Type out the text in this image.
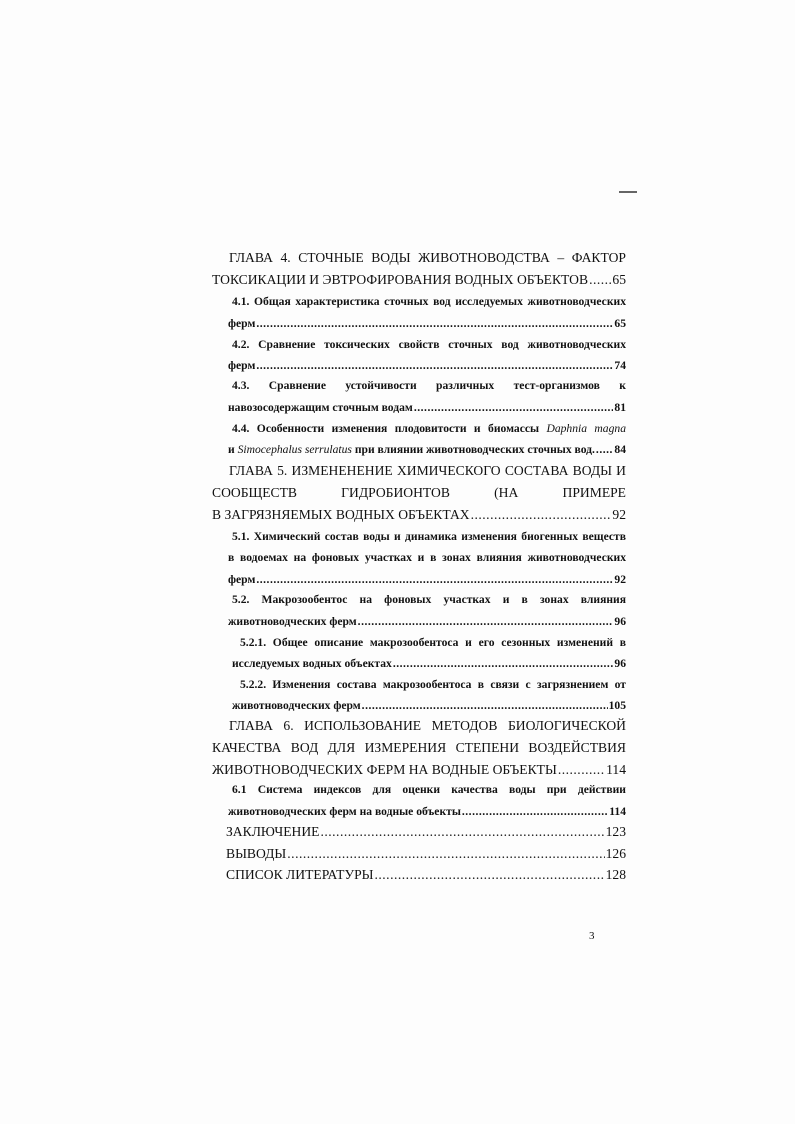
ГЛАВА 4. СТОЧНЫЕ ВОДЫ ЖИВОТНОВОДСТВА – ФАКТОР
ТОКСИКАЦИИ И ЭВТРОФИРОВАНИЯ ВОДНЫХ ОБЪЕКТОВ ..... 65
4.1. Общая характеристика сточных вод исследуемых животноводческих
ферм .....	65
4.2. Сравнение токсических свойств сточных вод животноводческих
ферм .....	74
4.3. Сравнение устойчивости различных тест-организмов к
навозосодержащим сточным водам .....	81
4.4. Особенности изменения плодовитости и биомассы Daphnia magna
и Simocephalus serrulatus при влиянии животноводческих сточных вод. ..... 84
ГЛАВА 5. ИЗМЕНЕНЕНИЕ ХИМИЧЕСКОГО СОСТАВА ВОДЫ И
СООБЩЕСТВ ГИДРОБИОНТОВ (НА ПРИМЕРЕ
В ЗАГРЯЗНЯЕМЫХ ВОДНЫХ ОБЪЕКТАХ .....	92
5.1. Химический состав воды и динамика изменения биогенных веществ
в водоемах на фоновых участках и в зонах влияния животноводческих
ферм .....	92
5.2. Макрозообентос на фоновых участках и в зонах влияния
животноводческих ферм .....	96
5.2.1. Общее описание макрозообентоса и его сезонных изменений в
исследуемых водных объектах .....	96
5.2.2. Изменения состава макрозообентоса в связи с загрязнением от
животноводческих ферм .....	105
ГЛАВА 6. ИСПОЛЬЗОВАНИЕ МЕТОДОВ БИОЛОГИЧЕСКОЙ
КАЧЕСТВА ВОД ДЛЯ ИЗМЕРЕНИЯ СТЕПЕНИ ВОЗДЕЙСТВИЯ
ЖИВОТНОВОДЧЕСКИХ ФЕРМ НА ВОДНЫЕ ОБЪЕКТЫ .....	114
6.1 Система индексов для оценки качества воды при действии
животноводческих ферм на водные объекты .....	114
ЗАКЛЮЧЕНИЕ .....	123
ВЫВОДЫ .....	126
СПИСОК ЛИТЕРАТУРЫ .....	128
3
